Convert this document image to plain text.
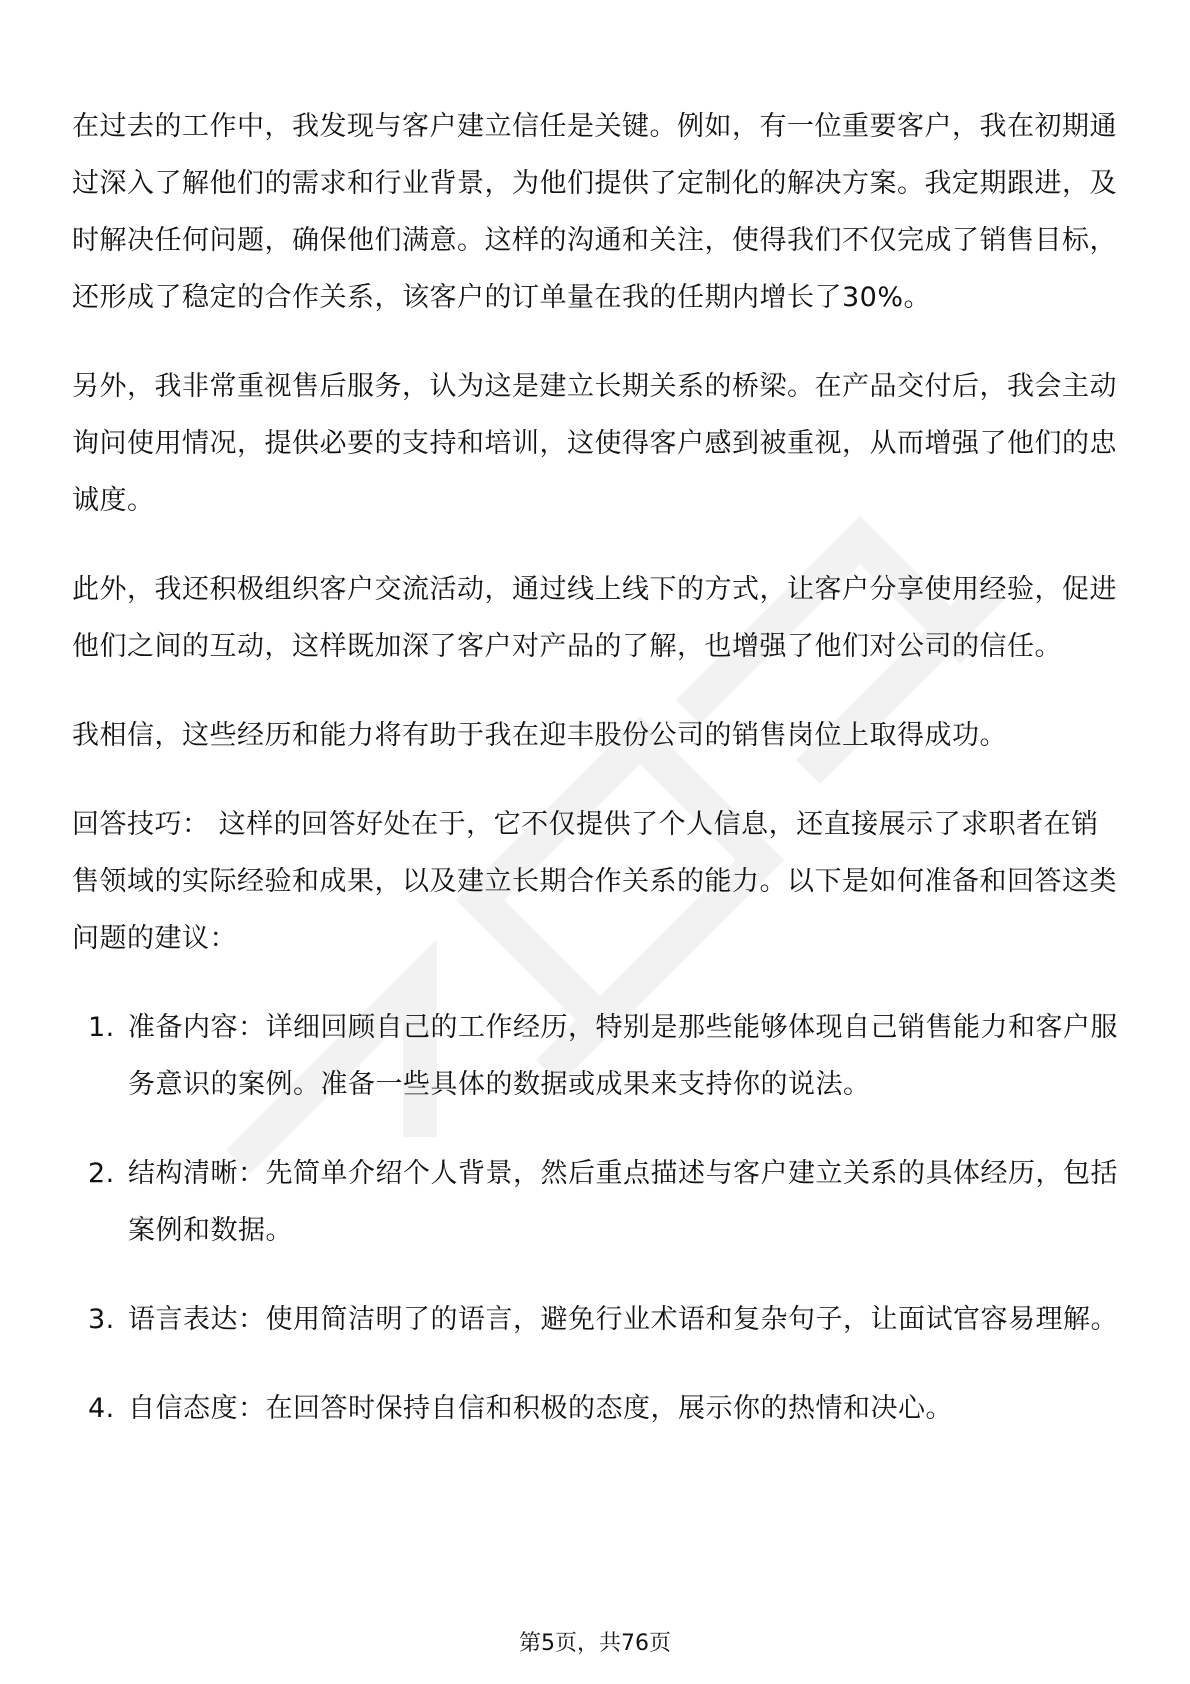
在过去的工作中，我发现与客户建立信任是关键。例如，有一位重要客户，我在初期通过深入了解他们的需求和行业背景，为他们提供了定制化的解决方案。我定期跟进，及时解决任何问题，确保他们满意。这样的沟通和关注，使得我们不仅完成了销售目标，还形成了稳定的合作关系，该客户的订单量在我的任期内增长了30%。

另外，我非常重视售后服务，认为这是建立长期关系的桥梁。在产品交付后，我会主动询问使用情况，提供必要的支持和培训，这使得客户感到被重视，从而增强了他们的忠诚度。

此外，我还积极组织客户交流活动，通过线上线下的方式，让客户分享使用经验，促进他们之间的互动，这样既加深了客户对产品的了解，也增强了他们对公司的信任。

我相信，这些经历和能力将有助于我在迎丰股份公司的销售岗位上取得成功。

回答技巧： 这样的回答好处在于，它不仅提供了个人信息，还直接展示了求职者在销售领域的实际经验和成果，以及建立长期合作关系的能力。以下是如何准备和回答这类问题的建议：

1. 准备内容：详细回顾自己的工作经历，特别是那些能够体现自己销售能力和客户服务意识的案例。准备一些具体的数据或成果来支持你的说法。
2. 结构清晰：先简单介绍个人背景，然后重点描述与客户建立关系的具体经历，包括案例和数据。
3. 语言表达：使用简洁明了的语言，避免行业术语和复杂句子，让面试官容易理解。
4. 自信态度：在回答时保持自信和积极的态度，展示你的热情和决心。
第5页，共76页
